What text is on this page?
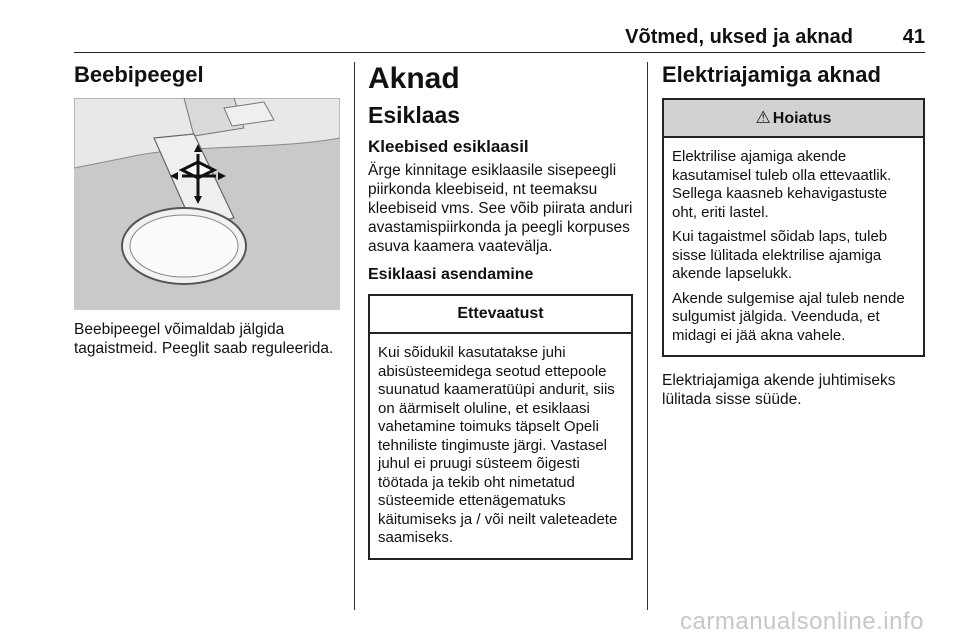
Võtmed, uksed ja aknad 41
Beebipeegel

Beebipeegel võimaldab jälgida tagaistmeid. Peeglit saab reguleerida.

Aknad
Esiklaas
Kleebised esiklaasil

Ärge kinnitage esiklaasile sisepeegli piirkonda kleebiseid, nt teemaksu kleebiseid vms. See võib piirata anduri avastamispiirkonda ja peegli korpuses asuva kaamera vaatevälja.

Esiklaasi asendamine
Ettevaatust

Kui sõidukil kasutatakse juhi abisüsteemidega seotud ettepoole suunatud kaameratüüpi andurit, siis on äärmiselt oluline, et esiklaasi vahetamine toimuks täpselt Opeli tehniliste tingimuste järgi. Vastasel juhul ei pruugi süsteem õigesti töötada ja tekib oht nimetatud süsteemide ettenägematuks käitumiseks ja / või neilt valeteadete saamiseks.

Elektriajamiga aknad
⚠ Hoiatus

Elektrilise ajamiga akende kasutamisel tuleb olla ettevaatlik. Sellega kaasneb kehavigastuste oht, eriti lastel.

Kui tagaistmel sõidab laps, tuleb sisse lülitada elektrilise ajamiga akende lapselukk.

Akende sulgemise ajal tuleb nende sulgumist jälgida. Veenduda, et midagi ei jää akna vahele.

Elektriajamiga akende juhtimiseks lülitada sisse süüde.

carmanualsonline.info
